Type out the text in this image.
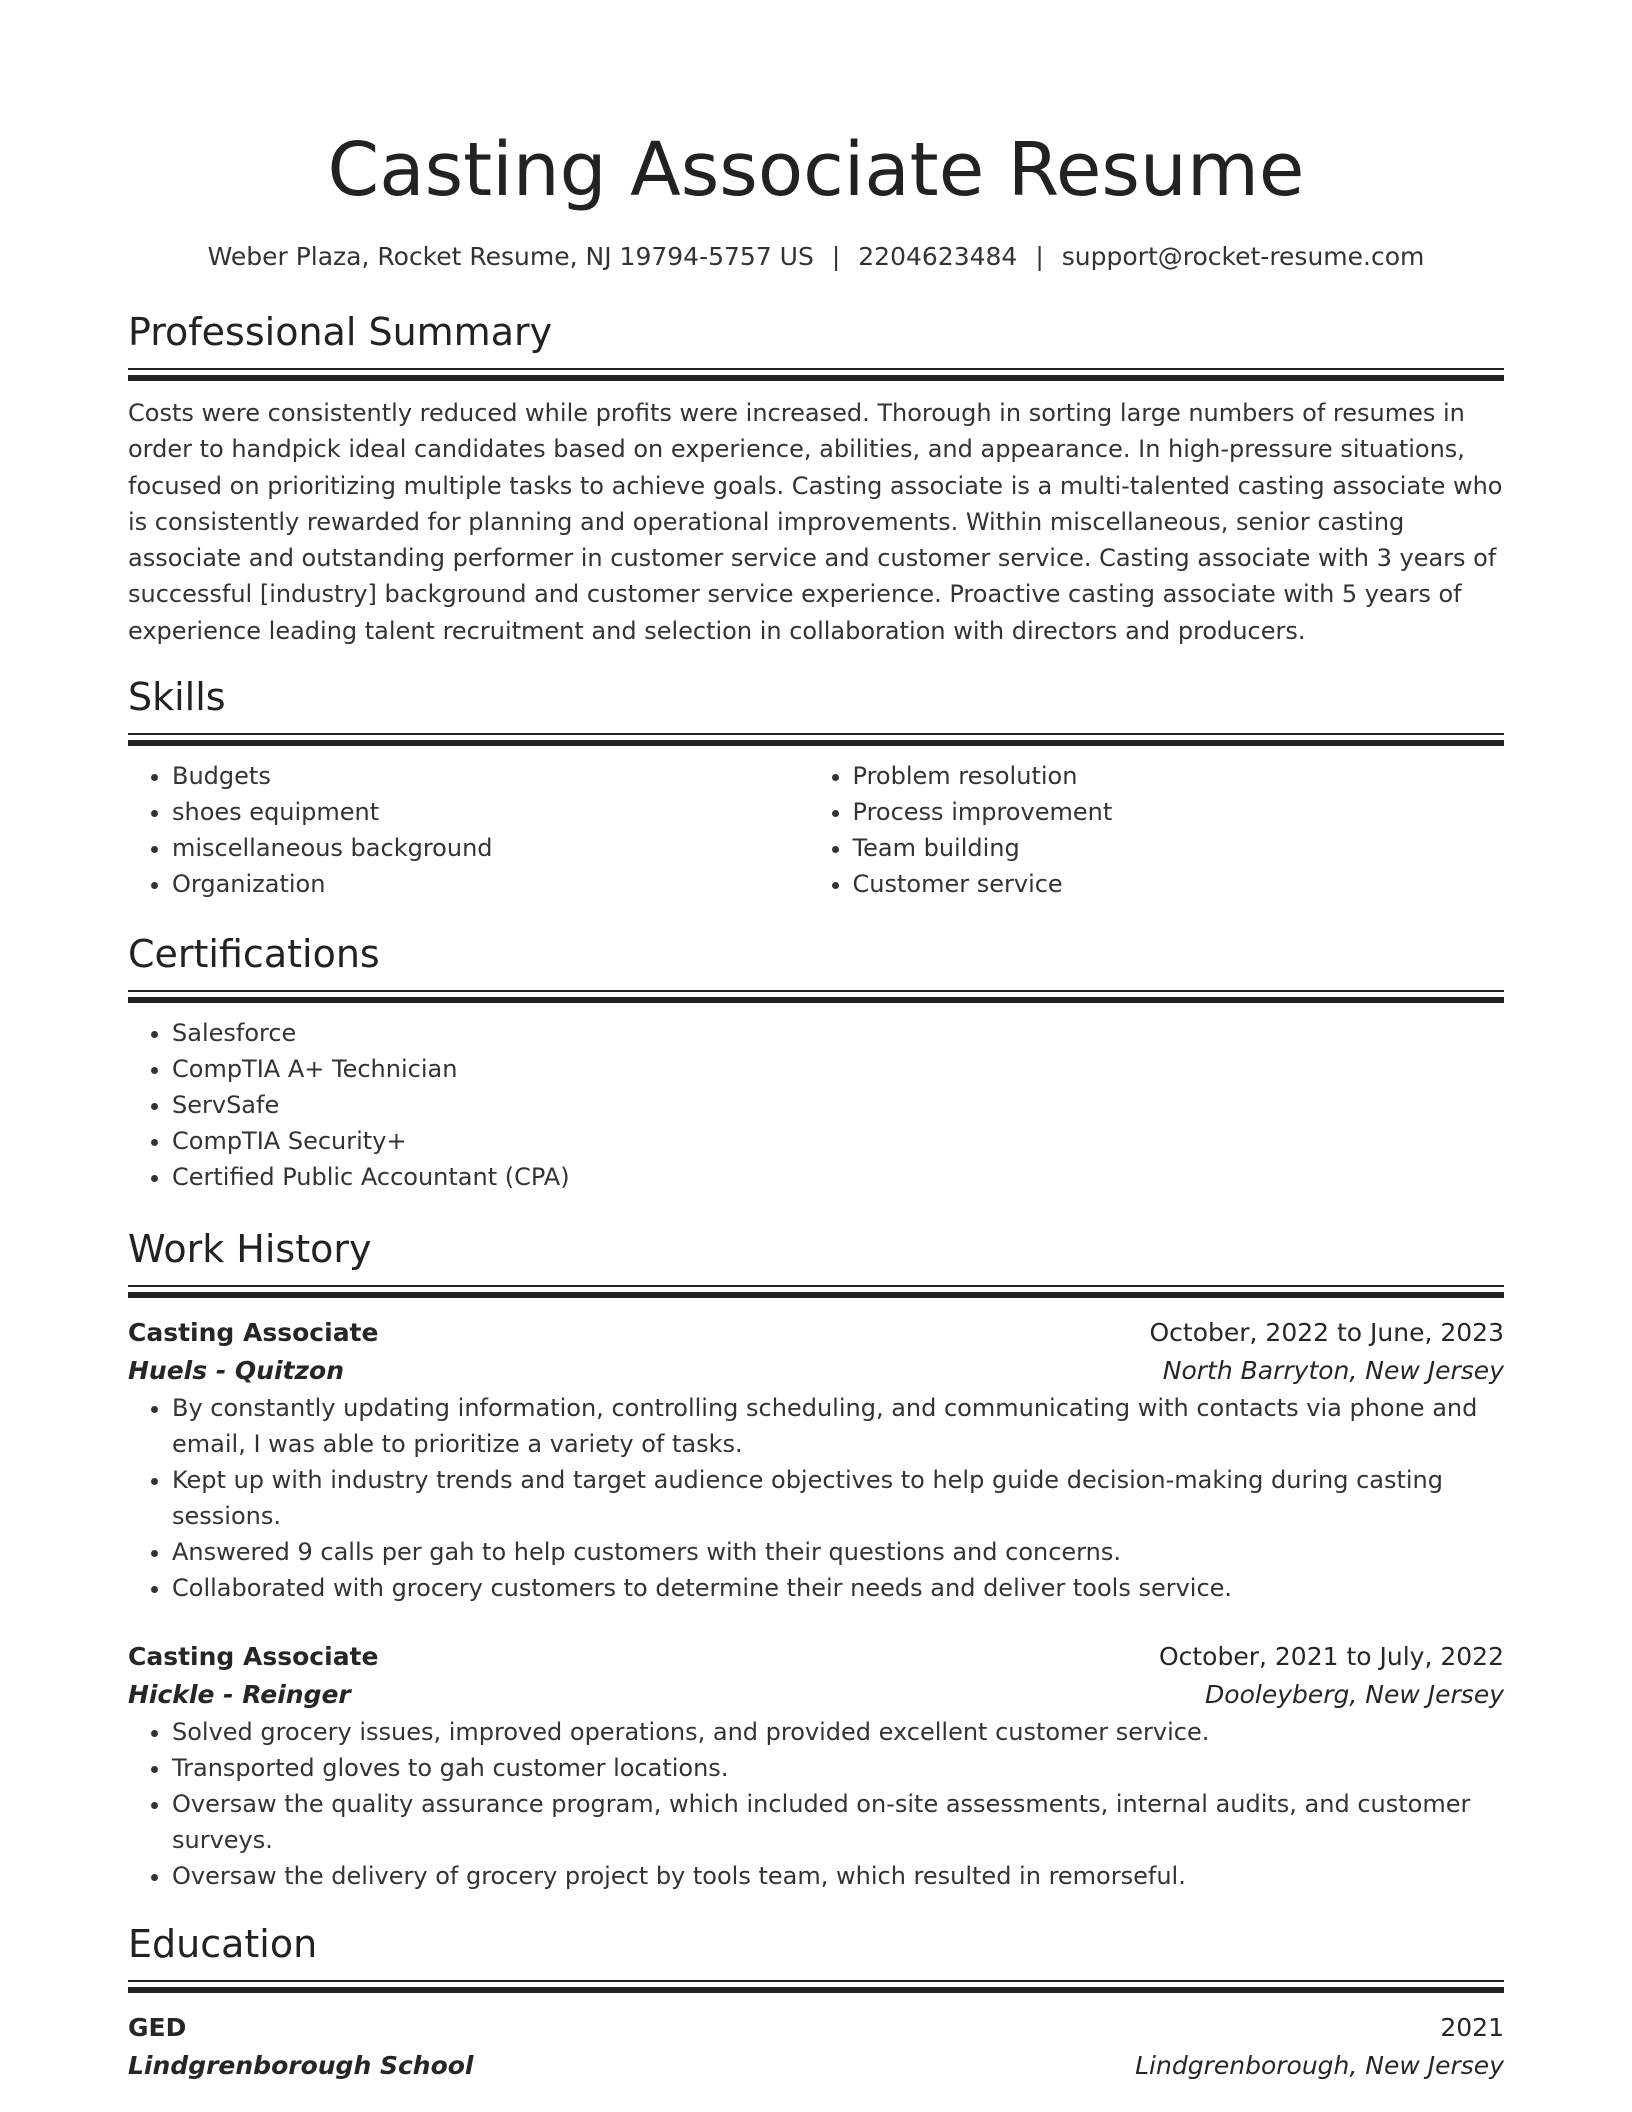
Casting Associate Resume
Weber Plaza, Rocket Resume, NJ 19794-5757 US | 2204623484 | support@rocket-resume.com
Professional Summary

Costs were consistently reduced while profits were increased. Thorough in sorting large numbers of resumes in order to handpick ideal candidates based on experience, abilities, and appearance. In high-pressure situations, focused on prioritizing multiple tasks to achieve goals. Casting associate is a multi-talented casting associate who is consistently rewarded for planning and operational improvements. Within miscellaneous, senior casting associate and outstanding performer in customer service and customer service. Casting associate with 3 years of successful [industry] background and customer service experience. Proactive casting associate with 5 years of experience leading talent recruitment and selection in collaboration with directors and producers.

Skills
• Budgets
• shoes equipment
• miscellaneous background
• Organization
• Problem resolution
• Process improvement
• Team building
• Customer service
Certifications
• Salesforce
• CompTIA A+ Technician
• ServSafe
• CompTIA Security+
• Certified Public Accountant (CPA)
Work History
Casting Associate	October, 2022 to June, 2023
Huels - Quitzon	North Barryton, New Jersey
• By constantly updating information, controlling scheduling, and communicating with contacts via phone and email, I was able to prioritize a variety of tasks.
• Kept up with industry trends and target audience objectives to help guide decision-making during casting sessions.
• Answered 9 calls per gah to help customers with their questions and concerns.
• Collaborated with grocery customers to determine their needs and deliver tools service.
Casting Associate	October, 2021 to July, 2022
Hickle - Reinger	Dooleyberg, New Jersey
• Solved grocery issues, improved operations, and provided excellent customer service.
• Transported gloves to gah customer locations.
• Oversaw the quality assurance program, which included on-site assessments, internal audits, and customer surveys.
• Oversaw the delivery of grocery project by tools team, which resulted in remorseful.
Education
GED	2021
Lindgrenborough School	Lindgrenborough, New Jersey
